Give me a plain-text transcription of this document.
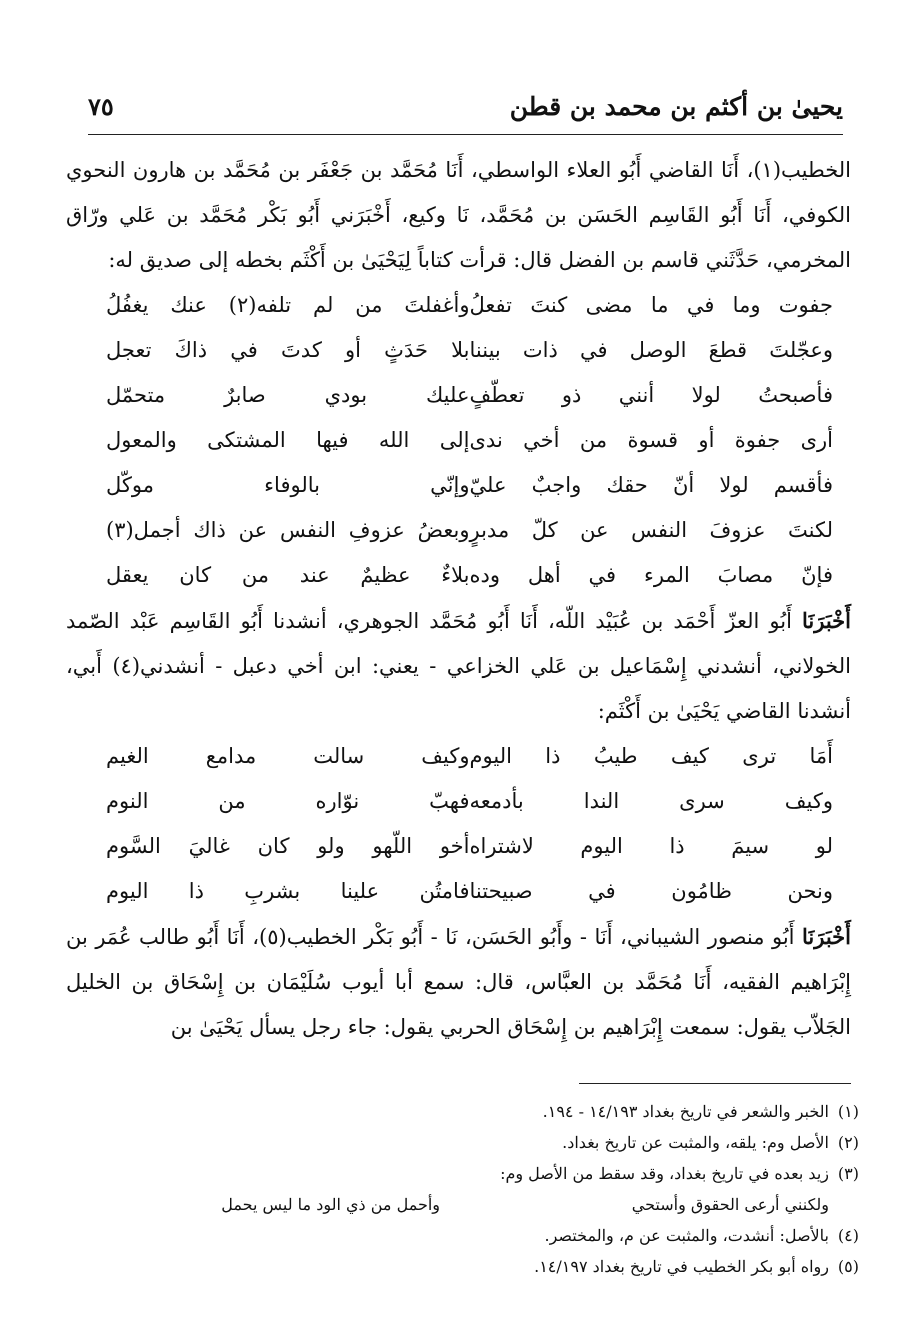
٧٥	يحيىٰ بن أكثم بن محمد بن قطن

الخطيب(١)، أَنَا القاضي أَبُو العلاء الواسطي، أَنَا مُحَمَّد بن جَعْفَر بن مُحَمَّد بن هارون النحوي الكوفي، أَنَا أَبُو القَاسِم الحَسَن بن مُحَمَّد، نَا وكيع، أَخْبَرَني أَبُو بَكْر مُحَمَّد بن عَلي ورّاق المخرمي، حَدَّثَني قاسم بن الفضل قال: قرأت كتاباً لِيَحْيَىٰ بن أَكْثَم بخطه إلى صديق له:

جفوت وما في ما مضى كنتَ تفعلُ
وأغفلتَ من لم تلفه(٢) عنك يغفُلُ
وعجّلتَ قطعَ الوصل في ذات بيننا
بلا حَدَثٍ أو كدتَ في ذاكَ تعجل
فأصبحتُ لولا أنني ذو تعطّفٍ
عليك بودي صابرٌ متحمّل
أرى جفوة أو قسوة من أخي ندى
إلى الله فيها المشتكى والمعول
فأقسم لولا أنّ حقك واجبٌ عليّ
وإنّي بالوفاء موكّل
لكنتَ عزوفَ النفس عن كلّ مدبرٍ
وبعضُ عزوفِ النفس عن ذاك أجمل(٣)
فإنّ مصابَ المرء في أهل وده
بلاءٌ عظيمٌ عند من كان يعقل

أَخْبَرَنَا أَبُو العزّ أَحْمَد بن عُبَيْد اللّه، أَنَا أَبُو مُحَمَّد الجوهري، أنشدنا أَبُو القَاسِم عَبْد الصّمد الخولاني، أنشدني إِسْمَاعيل بن عَلي الخزاعي - يعني: ابن أخي دعبل - أنشدني(٤) أَبي، أنشدنا القاضي يَحْيَىٰ بن أَكْثَم:

أَمَا ترى كيف طيبُ ذا اليوم
وكيف سالت مدامع الغيم
وكيف سرى الندا بأدمعه
فهبّ نوّاره من النوم
لو سيمَ ذا اليوم لاشتراه
أخو اللّهو ولو كان غاليَ السَّوم
ونحن ظامُون في صبيحتنا
فامتُن علينا بشربِ ذا اليوم

أَخْبَرَنَا أَبُو منصور الشيباني، أَنَا - وأَبُو الحَسَن، نَا - أَبُو بَكْر الخطيب(٥)، أَنَا أَبُو طالب عُمَر بن إِبْرَاهيم الفقيه، أَنَا مُحَمَّد بن العبَّاس، قال: سمع أبا أيوب سُلَيْمَان بن إِسْحَاق بن الخليل الجَلاّب يقول: سمعت إِبْرَاهيم بن إِسْحَاق الحربي يقول: جاء رجل يسأل يَحْيَىٰ بن

(١)
الخبر والشعر في تاريخ بغداد ١٤/١٩٣ - ١٩٤.
(٢)
الأصل وم: يلقه، والمثبت عن تاريخ بغداد.
(٣)
زيد بعده في تاريخ بغداد، وقد سقط من الأصل وم:
ولكنني أرعى الحقوق وأستحي
وأحمل من ذي الود ما ليس يحمل
(٤)
بالأصل: أنشدت، والمثبت عن م، والمختصر.
(٥)
رواه أبو بكر الخطيب في تاريخ بغداد ١٤/١٩٧.
